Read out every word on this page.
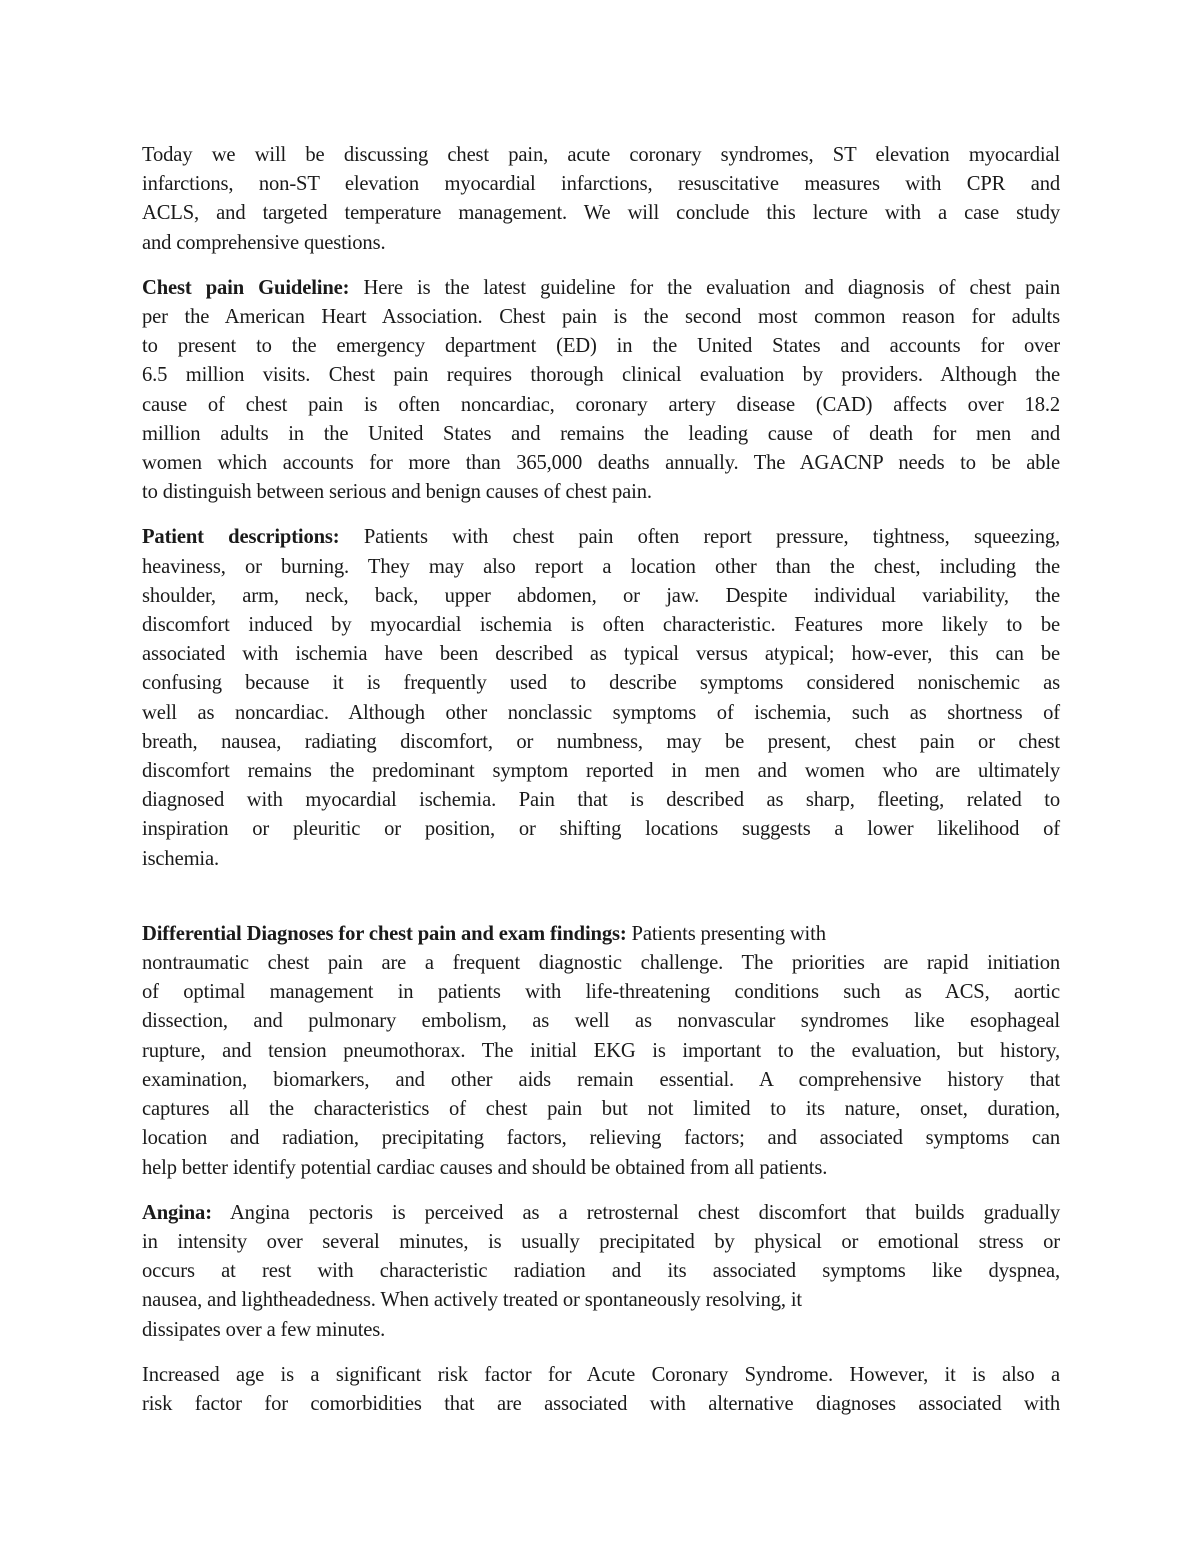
Today we will be discussing chest pain, acute coronary syndromes, ST elevation myocardial
infarctions, non-ST elevation myocardial infarctions, resuscitative measures with CPR and
ACLS, and targeted temperature management. We will conclude this lecture with a case study
and comprehensive questions.

Chest pain Guideline: Here is the latest guideline for the evaluation and diagnosis of chest pain
per the American Heart Association. Chest pain is the second most common reason for adults
to present to the emergency department (ED) in the United States and accounts for over
6.5 million visits. Chest pain requires thorough clinical evaluation by providers. Although the
cause of chest pain is often noncardiac, coronary artery disease (CAD) affects over 18.2
million adults in the United States and remains the leading cause of death for men and
women which accounts for more than 365,000 deaths annually. The AGACNP needs to be able
to distinguish between serious and benign causes of chest pain.

Patient descriptions: Patients with chest pain often report pressure, tightness, squeezing,
heaviness, or burning. They may also report a location other than the chest, including the
shoulder, arm, neck, back, upper abdomen, or jaw. Despite individual variability, the
discomfort induced by myocardial ischemia is often characteristic. Features more likely to be
associated with ischemia have been described as typical versus atypical; how-ever, this can be
confusing because it is frequently used to describe symptoms considered nonischemic as
well as noncardiac. Although other nonclassic symptoms of ischemia, such as shortness of
breath, nausea, radiating discomfort, or numbness, may be present, chest pain or chest
discomfort remains the predominant symptom reported in men and women who are ultimately
diagnosed with myocardial ischemia. Pain that is described as sharp, fleeting, related to
inspiration or pleuritic or position, or shifting locations suggests a lower likelihood of
ischemia.

Differential Diagnoses for chest pain and exam findings: Patients presenting with
nontraumatic chest pain are a frequent diagnostic challenge. The priorities are rapid initiation
of optimal management in patients with life-threatening conditions such as ACS, aortic
dissection, and pulmonary embolism, as well as nonvascular syndromes like esophageal
rupture, and tension pneumothorax. The initial EKG is important to the evaluation, but history,
examination, biomarkers, and other aids remain essential. A comprehensive history that
captures all the characteristics of chest pain but not limited to its nature, onset, duration,
location and radiation, precipitating factors, relieving factors; and associated symptoms can
help better identify potential cardiac causes and should be obtained from all patients.

Angina: Angina pectoris is perceived as a retrosternal chest discomfort that builds gradually
in intensity over several minutes, is usually precipitated by physical or emotional stress or
occurs at rest with characteristic radiation and its associated symptoms like dyspnea,
nausea, and lightheadedness. When actively treated or spontaneously resolving, it
dissipates over a few minutes.

Increased age is a significant risk factor for Acute Coronary Syndrome. However, it is also a
risk factor for comorbidities that are associated with alternative diagnoses associated with
